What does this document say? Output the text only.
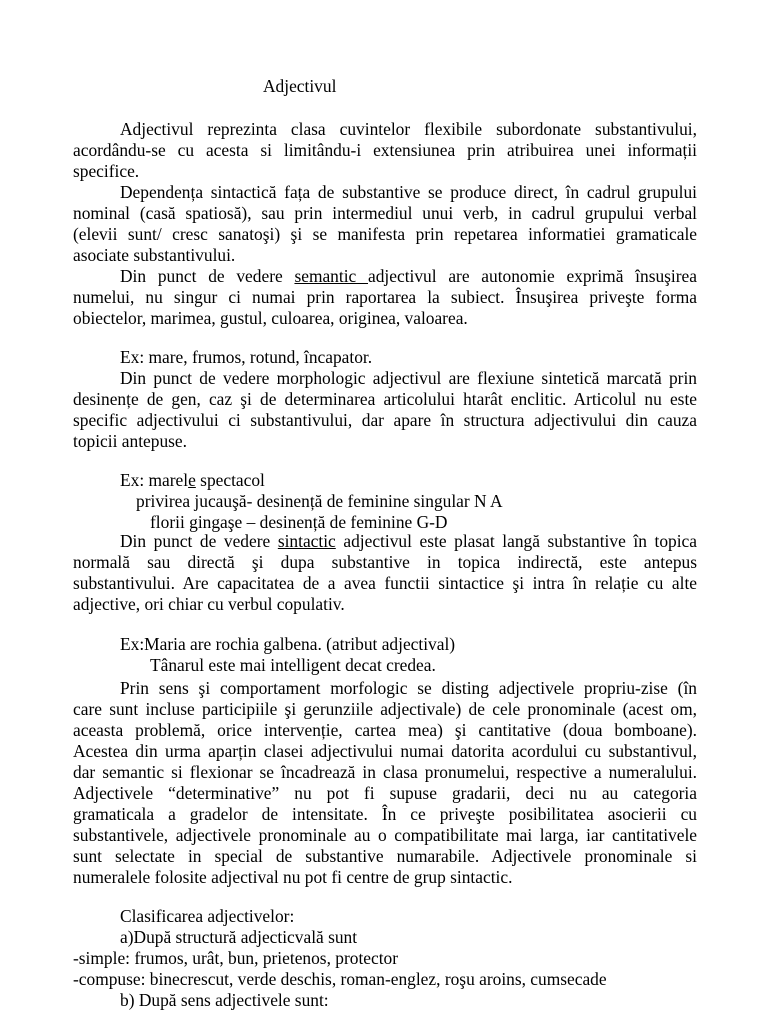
Adjectivul
Adjectivul reprezinta clasa cuvintelor flexibile subordonate substantivului,
acordându-se cu acesta si limitându-i extensiunea prin atribuirea unei informații
specifice.
Dependența sintactică fața de substantive se produce direct, în cadrul grupului
nominal (casă spatiosă), sau prin intermediul unui verb, in cadrul grupului verbal
(elevii sunt/ cresc sanatoşi) şi se manifesta prin repetarea informatiei gramaticale
asociate substantivului.
Din punct de vedere semantic adjectivul are autonomie exprimă însuşirea
numelui, nu singur ci numai prin raportarea la subiect. Însuşirea priveşte forma
obiectelor, marimea, gustul, culoarea, originea, valoarea.
Ex: mare, frumos, rotund, încapator.
Din punct de vedere morphologic adjectivul are flexiune sintetică marcată prin
desinențe de gen, caz şi de determinarea articolului htarât enclitic. Articolul nu este
specific adjectivului ci substantivului, dar apare în structura adjectivului din cauza
topicii antepuse.
Ex: marele spectacol
privirea jucauşă- desinență de feminine singular N A
florii gingaşe – desinență de feminine G-D
Din punct de vedere sintactic adjectivul este plasat langă substantive în topica
normală sau directă şi dupa substantive in topica indirectă, este antepus
substantivului. Are capacitatea de a avea functii sintactice şi intra în relație cu alte
adjective, ori chiar cu verbul copulativ.
Ex:Maria are rochia galbena. (atribut adjectival)
Tânarul este mai intelligent decat credea.
Prin sens şi comportament morfologic se disting adjectivele propriu-zise (în
care sunt incluse participiile şi gerunziile adjectivale) de cele pronominale (acest om,
aceasta problemă, orice intervenție, cartea mea) şi cantitative (doua bomboane).
Acestea din urma aparțin clasei adjectivului numai datorita acordului cu substantivul,
dar semantic si flexionar se încadrează in clasa pronumelui, respective a numeralului.
Adjectivele “determinative” nu pot fi supuse gradarii, deci nu au categoria
gramaticala a gradelor de intensitate. În ce priveşte posibilitatea asocierii cu
substantivele, adjectivele pronominale au o compatibilitate mai larga, iar cantitativele
sunt selectate in special de substantive numarabile. Adjectivele pronominale si
numeralele folosite adjectival nu pot fi centre de grup sintactic.
Clasificarea adjectivelor:
a)După structură adjecticvală sunt
-simple: frumos, urât, bun, prietenos, protector
-compuse: binecrescut, verde deschis, roman-englez, roşu aroins, cumsecade
b) După sens adjectivele sunt:
